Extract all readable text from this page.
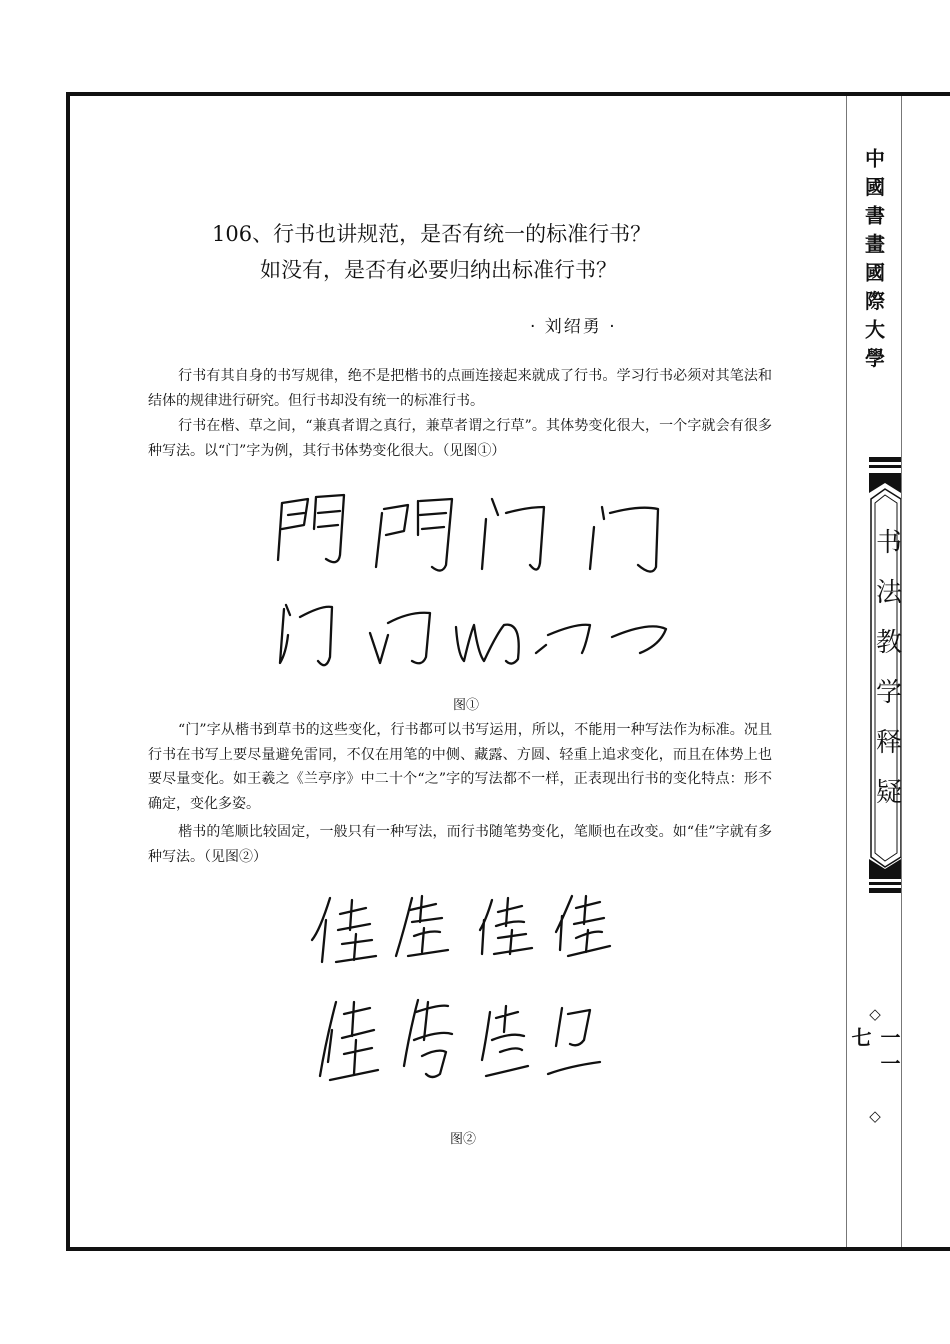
中國書畫國際大學
书法教学释疑
◇
一一七
◇
106、行书也讲规范，是否有统一的标准行书？
如没有，是否有必要归纳出标准行书？
· 刘绍勇 ·
行书有其自身的书写规律，绝不是把楷书的点画连接起来就成了行书。学习行书必须对其笔法和结体的规律进行研究。但行书却没有统一的标准行书。
行书在楷、草之间，“兼真者谓之真行，兼草者谓之行草”。其体势变化很大，一个字就会有很多种写法。以“门”字为例，其行书体势变化很大。（见图①）
图①
“门”字从楷书到草书的这些变化，行书都可以书写运用，所以，不能用一种写法作为标准。况且行书在书写上要尽量避免雷同，不仅在用笔的中侧、藏露、方圆、轻重上追求变化，而且在体势上也要尽量变化。如王羲之《兰亭序》中二十个“之”字的写法都不一样，正表现出行书的变化特点：形不确定，变化多姿。
楷书的笔顺比较固定，一般只有一种写法，而行书随笔势变化，笔顺也在改变。如“佳”字就有多种写法。（见图②）
图②
